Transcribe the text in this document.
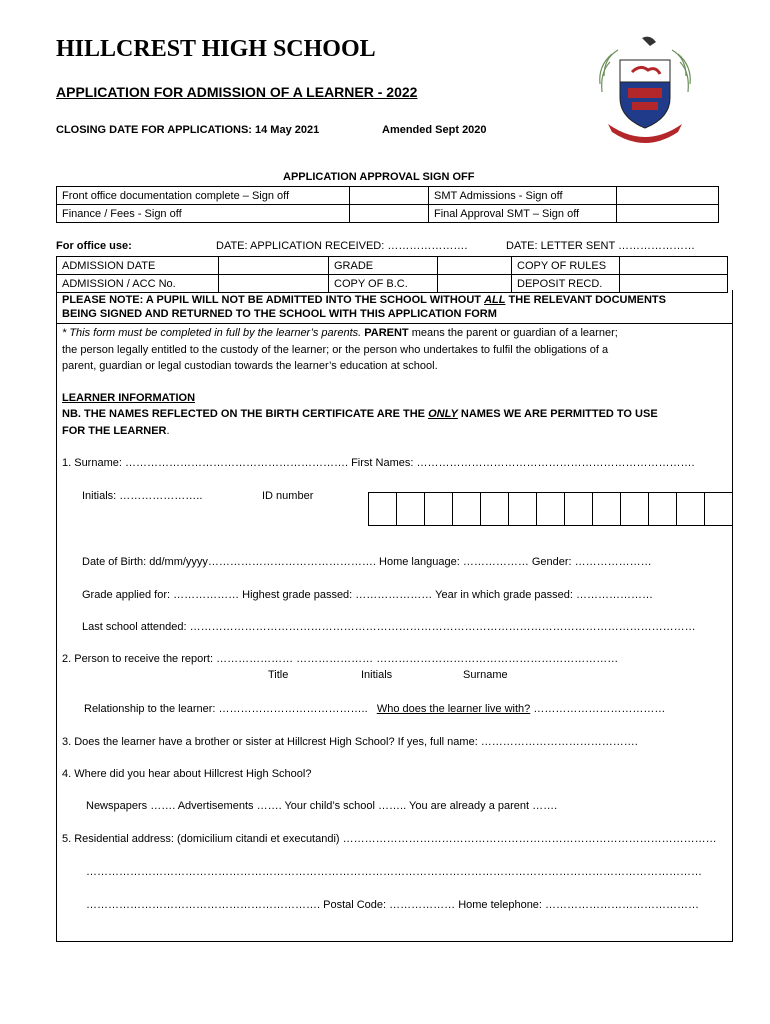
HILLCREST HIGH SCHOOL
APPLICATION FOR ADMISSION OF A LEARNER - 2022
CLOSING DATE FOR APPLICATIONS: 14 May 2021	Amended Sept 2020
APPLICATION APPROVAL SIGN OFF
Front office documentation complete – Sign off		SMT Admissions - Sign off	
Finance / Fees - Sign off		Final Approval SMT – Sign off	
For office use:	DATE: APPLICATION RECEIVED: ………………….	DATE: LETTER SENT …………………
ADMISSION DATE		GRADE		COPY OF RULES	
ADMISSION / ACC No.		COPY OF B.C.		DEPOSIT RECD.	
PLEASE NOTE: A PUPIL WILL NOT BE ADMITTED INTO THE SCHOOL WITHOUT ALL THE RELEVANT DOCUMENTS
BEING SIGNED AND RETURNED TO THE SCHOOL WITH THIS APPLICATION FORM
* This form must be completed in full by the learner’s parents. PARENT means the parent or guardian of a learner;
the person legally entitled to the custody of the learner; or the person who undertakes to fulfil the obligations of a
parent, guardian or legal custodian towards the learner’s education at school.
LEARNER INFORMATION
NB. THE NAMES REFLECTED ON THE BIRTH CERTIFICATE ARE THE ONLY NAMES WE ARE PERMITTED TO USE
FOR THE LEARNER.
1. Surname: ……………………………………………………. First Names: ………………………………………………………………….
Initials: …………………..	ID number

Date of Birth: dd/mm/yyyy………………………………………. Home language: ……………… Gender: …………………
Grade applied for: ……………… Highest grade passed: ………………… Year in which grade passed: …………………
Last school attended: …………………………………………………………………………………………………………………………
2. Person to receive the report: ………………… ………………… …………………………………………………………
Title	Initials	Surname
Relationship to the learner: ………………………………….. Who does the learner live with? ………………………………
3. Does the learner have a brother or sister at Hillcrest High School? If yes, full name: …………………………………….
4. Where did you hear about Hillcrest High School?
Newspapers ……. Advertisements ……. Your child’s school …….. You are already a parent …….
5. Residential address: (domicilium citandi et executandi) …………………………………………………………………………………………
……………………………………………………………………………………………………………………………………………………
………………………………………………………. Postal Code: ……………… Home telephone: ……………………………………
